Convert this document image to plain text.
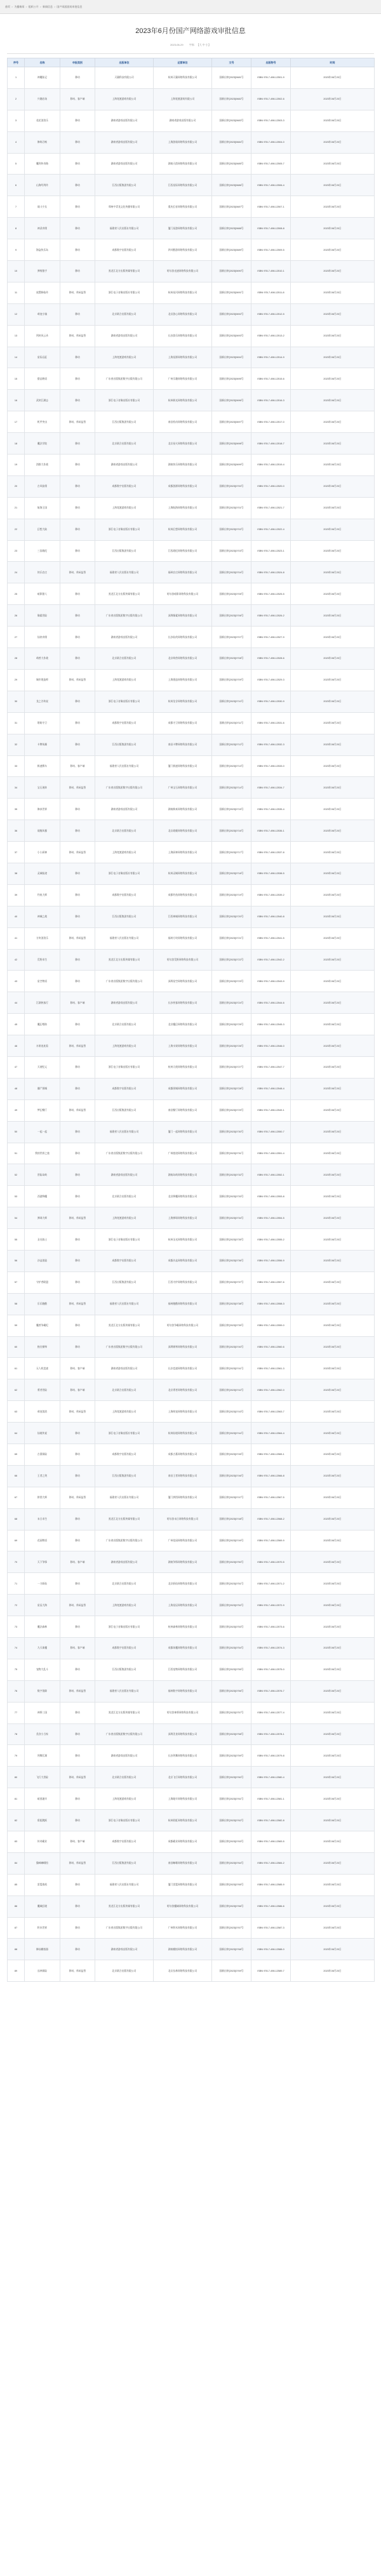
首页 > 为播新闻 > 组织公开 > 新闻信息 > 国产网游游戏审批信息
2023年6月份国产网络游戏审批信息
2023-06-29 字体：【大 中 小】
序号	名称	申报类别	出版单位	运营单位	文号	出版物号	时间
1	神魔仙记	移动	天猫科技有限公司	杭州天猫网络科技有限公司	国新出审[2023]0681号	ISBN 978-7-498-12501-9	2023年06月20日
2	兴趣农场	移动、客户端	上海宽渡游戏有限公司	上海宽渡游戏有限公司	国新出审[2023]0682号	ISBN 978-7-498-12502-6	2023年06月20日
3	花花消消乐	移动	湖南省游戏出版有限公司	湖南省游戏出版有限公司	国新出审[2023]0683号	ISBN 978-7-498-12503-3	2023年06月20日
4	修炼召唤	移动	湖南省游戏出版有限公司	上海游骑网络科技有限公司	国新出审[2023]0684号	ISBN 978-7-498-12504-0	2023年06月20日
5	魔剑传奇路	移动	湖南省游戏出版有限公司	湖南天韵网络科技有限公司	国新出审[2023]0685号	ISBN 978-7-498-12505-7	2023年06月20日
6	山海经列传	移动	江西出版集团有限公司	江西星际网络科技有限公司	国新出审[2023]0686号	ISBN 978-7-498-12506-4	2023年06月20日
7	战斗少女	移动	郑州中青龙文化传播有限公司	重庆幻音网络科技有限公司	国新出审[2023]0687号	ISBN 978-7-498-12507-1	2023年06月20日
8	神武奇缘	移动	福建省人民出版社有限公司	厦门星游网络科技有限公司	国新出审[2023]0688号	ISBN 978-7-498-12508-8	2023年06月20日
9	海盗快乐岛	移动	成都数字出版有限公司	四川酷游网络科技有限公司	国新出审[2023]0689号	ISBN 978-7-498-12509-5	2023年06月20日
10	弹射猎手	移动	黑龙江北方出版传媒有限公司	哈尔滨光速网络科技有限公司	国新出审[2023]0690号	ISBN 978-7-498-12510-1	2023年06月20日
11	放置修仙传	移动、休闲益智	浙江电子音像出版社有限公司	杭州星河网络科技有限公司	国新出审[2023]0691号	ISBN 978-7-498-12511-8	2023年06月20日
12	萌宠小镇	移动	北京联合出版有限公司	北京游心网络科技有限公司	国新出审[2023]0692号	ISBN 978-7-498-12512-5	2023年06月20日
13	剑侠风云录	移动、休闲益智	湖南省游戏出版有限公司	长沙游乐网络科技有限公司	国新出审[2023]0693号	ISBN 978-7-498-12513-2	2023年06月20日
14	星际远征	移动	上海宽渡游戏有限公司	上海星源网络科技有限公司	国新出审[2023]0694号	ISBN 978-7-498-12514-9	2023年06月20日
15	甜品物语	移动	广东省出版集团数字出版有限公司	广州乐趣网络科技有限公司	国新出审[2023]0695号	ISBN 978-7-498-12515-6	2023年06月20日
16	武侠江湖志	移动	浙江电子音像出版社有限公司	杭州极光网络科技有限公司	国新出审[2023]0696号	ISBN 978-7-498-12516-3	2023年06月20日
17	机甲突击	移动、休闲益智	江西出版集团有限公司	南昌机动网络科技有限公司	国新出审[2023]0697号	ISBN 978-7-498-12517-0	2023年06月20日
18	魔法学院	移动	北京联合出版有限公司	北京星火网络科技有限公司	国新出审[2023]0698号	ISBN 978-7-498-12518-7	2023年06月20日
19	消除大作战	移动	湖南省游戏出版有限公司	湖南快乐网络科技有限公司	国新出审[2023]0699号	ISBN 978-7-498-12519-4	2023年06月20日
20	古风仙缘	移动	成都数字出版有限公司	成都游源网络科技有限公司	国新出审[2023]0700号	ISBN 978-7-498-12520-0	2023年06月20日
21	航海王国	移动	上海宽渡游戏有限公司	上海航海网络科技有限公司	国新出审[2023]0701号	ISBN 978-7-498-12521-7	2023年06月20日
22	幻想大陆	移动	浙江电子音像出版社有限公司	杭州幻想网络科技有限公司	国新出审[2023]0702号	ISBN 978-7-498-12522-4	2023年06月20日
23	三国战纪	移动	江西出版集团有限公司	江西战纪网络科技有限公司	国新出审[2023]0703号	ISBN 978-7-498-12523-1	2023年06月20日
24	快乐农庄	移动、休闲益智	福建省人民出版社有限公司	福州农庄网络科技有限公司	国新出审[2023]0704号	ISBN 978-7-498-12524-8	2023年06月20日
25	暗影猎人	移动	黑龙江北方出版传媒有限公司	哈尔滨暗影网络科技有限公司	国新出审[2023]0705号	ISBN 978-7-498-12525-5	2023年06月20日
26	像素冒险	移动	广东省出版集团数字出版有限公司	深圳像素网络科技有限公司	国新出审[2023]0706号	ISBN 978-7-498-12526-2	2023年06月20日
27	仙侠奇缘	移动	湖南省游戏出版有限公司	长沙仙侠网络科技有限公司	国新出审[2023]0707号	ISBN 978-7-498-12527-9	2023年06月20日
28	萌兽大作战	移动	北京联合出版有限公司	北京萌兽网络科技有限公司	国新出审[2023]0708号	ISBN 978-7-498-12528-6	2023年06月20日
29	城市建造师	移动、休闲益智	上海宽渡游戏有限公司	上海建造网络科技有限公司	国新出审[2023]0709号	ISBN 978-7-498-12529-3	2023年06月20日
30	龙之谷传说	移动	浙江电子音像出版社有限公司	杭州龙谷网络科技有限公司	国新出审[2023]0710号	ISBN 978-7-498-12530-9	2023年06月20日
31	塔防守卫	移动	成都数字出版有限公司	成都守卫网络科技有限公司	国新出审[2023]0711号	ISBN 978-7-498-12531-6	2023年06月20日
32	卡牌英雄	移动	江西出版集团有限公司	南昌卡牌网络科技有限公司	国新出审[2023]0712号	ISBN 978-7-498-12532-3	2023年06月20日
33	极速赛车	移动、客户端	福建省人民出版社有限公司	厦门极速网络科技有限公司	国新出审[2023]0713号	ISBN 978-7-498-12533-0	2023年06月20日
34	宝石迷阵	移动、休闲益智	广东省出版集团数字出版有限公司	广州宝石网络科技有限公司	国新出审[2023]0714号	ISBN 978-7-498-12534-7	2023年06月20日
35	修真世界	移动	湖南省游戏出版有限公司	湖南修真网络科技有限公司	国新出审[2023]0715号	ISBN 978-7-498-12535-4	2023年06月20日
36	战舰风暴	移动	北京联合出版有限公司	北京战舰网络科技有限公司	国新出审[2023]0716号	ISBN 978-7-498-12536-1	2023年06月20日
37	小小厨神	移动、休闲益智	上海宽渡游戏有限公司	上海厨神网络科技有限公司	国新出审[2023]0717号	ISBN 978-7-498-12537-8	2023年06月20日
38	灵域仙途	移动	浙江电子音像出版社有限公司	杭州灵域网络科技有限公司	国新出审[2023]0718号	ISBN 978-7-498-12538-5	2023年06月20日
39	钓鱼大师	移动	成都数字出版有限公司	成都钓鱼网络科技有限公司	国新出审[2023]0719号	ISBN 978-7-498-12539-2	2023年06月20日
40	神域之战	移动	江西出版集团有限公司	江西神域网络科技有限公司	国新出审[2023]0720号	ISBN 978-7-498-12540-8	2023年06月20日
41	方块消消乐	移动、休闲益智	福建省人民出版社有限公司	福州方块网络科技有限公司	国新出审[2023]0721号	ISBN 978-7-498-12541-5	2023年06月20日
42	荒野求生	移动	黑龙江北方出版传媒有限公司	哈尔滨荒野网络科技有限公司	国新出审[2023]0722号	ISBN 978-7-498-12542-2	2023年06月20日
43	星空物语	移动	广东省出版集团数字出版有限公司	深圳星空网络科技有限公司	国新出审[2023]0723号	ISBN 978-7-498-12543-9	2023年06月20日
44	江湖侠客行	移动、客户端	湖南省游戏出版有限公司	长沙侠客网络科技有限公司	国新出审[2023]0724号	ISBN 978-7-498-12544-6	2023年06月20日
45	魔幻塔防	移动	北京联合出版有限公司	北京魔幻网络科技有限公司	国新出审[2023]0725号	ISBN 978-7-498-12545-3	2023年06月20日
46	水果连连看	移动、休闲益智	上海宽渡游戏有限公司	上海水果网络科技有限公司	国新出审[2023]0726号	ISBN 978-7-498-12546-0	2023年06月20日
47	天使纪元	移动	浙江电子音像出版社有限公司	杭州天使网络科技有限公司	国新出审[2023]0727号	ISBN 978-7-498-12547-7	2023年06月20日
48	僵尸围城	移动	成都数字出版有限公司	成都围城网络科技有限公司	国新出审[2023]0728号	ISBN 978-7-498-12548-4	2023年06月20日
49	梦幻餐厅	移动、休闲益智	江西出版集团有限公司	南昌餐厅网络科技有限公司	国新出审[2023]0729号	ISBN 978-7-498-12549-1	2023年06月20日
50	一起一起	移动	福建省人民出版社有限公司	厦门一起网络科技有限公司	国新出审[2023]0730号	ISBN 978-7-498-12550-7	2023年06月20日
51	我的世界之旅	移动	广东省出版集团数字出版有限公司	广州旅途网络科技有限公司	国新出审[2023]0731号	ISBN 978-7-498-12551-4	2023年06月20日
52	冒险岛屿	移动	湖南省游戏出版有限公司	湖南岛屿网络科技有限公司	国新出审[2023]0732号	ISBN 978-7-498-12552-1	2023年06月20日
53	西游降魔	移动	北京联合出版有限公司	北京降魔网络科技有限公司	国新出审[2023]0733号	ISBN 978-7-498-12553-8	2023年06月20日
54	弹球大师	移动、休闲益智	上海宽渡游戏有限公司	上海弹球网络科技有限公司	国新出审[2023]0734号	ISBN 978-7-498-12554-5	2023年06月20日
55	圣光骑士	移动	浙江电子音像出版社有限公司	杭州圣光网络科技有限公司	国新出审[2023]0735号	ISBN 978-7-498-12555-2	2023年06月20日
56	沙盒创造	移动	成都数字出版有限公司	成都沙盒网络科技有限公司	国新出审[2023]0736号	ISBN 978-7-498-12556-9	2023年06月20日
57	守护者联盟	移动	江西出版集团有限公司	江西守护网络科技有限公司	国新出审[2023]0737号	ISBN 978-7-498-12557-6	2023年06月20日
58	乐乐跑酷	移动、休闲益智	福建省人民出版社有限公司	福州跑酷网络科技有限公司	国新出审[2023]0738号	ISBN 978-7-498-12558-3	2023年06月20日
59	魔兽争霸纪	移动	黑龙江北方出版传媒有限公司	哈尔滨争霸网络科技有限公司	国新出审[2023]0739号	ISBN 978-7-498-12559-0	2023年06月20日
60	指尖钢琴	移动	广东省出版集团数字出版有限公司	深圳钢琴网络科技有限公司	国新出审[2023]0740号	ISBN 978-7-498-12560-6	2023年06月20日
61	无人机竞速	移动、客户端	湖南省游戏出版有限公司	长沙竞速网络科技有限公司	国新出审[2023]0741号	ISBN 978-7-498-12561-3	2023年06月20日
62	勇者冒险	移动、客户端	北京联合出版有限公司	北京勇者网络科技有限公司	国新出审[2023]0742号	ISBN 978-7-498-12562-0	2023年06月20日
63	萌宠消消	移动、休闲益智	上海宽渡游戏有限公司	上海萌宠网络科技有限公司	国新出审[2023]0743号	ISBN 978-7-498-12563-7	2023年06月20日
64	仙境传说	移动	浙江电子音像出版社有限公司	杭州仙境网络科技有限公司	国新出审[2023]0744号	ISBN 978-7-498-12564-4	2023年06月20日
65	古墓探险	移动	成都数字出版有限公司	成都古墓网络科技有限公司	国新出审[2023]0745号	ISBN 978-7-498-12565-1	2023年06月20日
66	王者之剑	移动	江西出版集团有限公司	南昌王者网络科技有限公司	国新出审[2023]0746号	ISBN 978-7-498-12566-8	2023年06月20日
67	拼图大师	移动、休闲益智	福建省人民出版社有限公司	厦门拼图网络科技有限公司	国新出审[2023]0747号	ISBN 978-7-498-12567-5	2023年06月20日
68	末日求生	移动	黑龙江北方出版传媒有限公司	哈尔滨末日网络科技有限公司	国新出审[2023]0748号	ISBN 978-7-498-12568-2	2023年06月20日
69	花园物语	移动	广东省出版集团数字出版有限公司	广州花园网络科技有限公司	国新出审[2023]0749号	ISBN 978-7-498-12569-9	2023年06月20日
70	天下争锋	移动、客户端	湖南省游戏出版有限公司	湖南争锋网络科技有限公司	国新出审[2023]0750号	ISBN 978-7-498-12570-5	2023年06月20日
71	一刀斩仙	移动	北京联合出版有限公司	北京斩仙网络科技有限公司	国新出审[2023]0751号	ISBN 978-7-498-12571-2	2023年06月20日
72	星辰大海	移动、休闲益智	上海宽渡游戏有限公司	上海星辰网络科技有限公司	国新出审[2023]0752号	ISBN 978-7-498-12572-9	2023年06月20日
73	魔法森林	移动	浙江电子音像出版社有限公司	杭州森林网络科技有限公司	国新出审[2023]0753号	ISBN 978-7-498-12573-6	2023年06月20日
74	九天诛魔	移动、客户端	成都数字出版有限公司	成都诛魔网络科技有限公司	国新出审[2023]0754号	ISBN 978-7-498-12574-3	2023年06月20日
75	宠物大乱斗	移动	江西出版集团有限公司	江西宠物网络科技有限公司	国新出审[2023]0755号	ISBN 978-7-498-12575-0	2023年06月20日
76	数字消除	移动、休闲益智	福建省人民出版社有限公司	福州数字网络科技有限公司	国新出审[2023]0756号	ISBN 978-7-498-12576-7	2023年06月20日
77	神将三国	移动	黑龙江北方出版传媒有限公司	哈尔滨神将网络科技有限公司	国新出审[2023]0757号	ISBN 978-7-498-12577-4	2023年06月20日
78	美食小当家	移动	广东省出版集团数字出版有限公司	深圳美食网络科技有限公司	国新出审[2023]0758号	ISBN 978-7-498-12578-1	2023年06月20日
79	剑舞江湖	移动	湖南省游戏出版有限公司	长沙剑舞网络科技有限公司	国新出审[2023]0759号	ISBN 978-7-498-12579-8	2023年06月20日
80	飞行大冒险	移动、休闲益智	北京联合出版有限公司	北京飞行网络科技有限公司	国新出审[2023]0760号	ISBN 978-7-498-12580-4	2023年06月20日
81	暗黑地牢	移动	上海宽渡游戏有限公司	上海地牢网络科技有限公司	国新出审[2023]0761号	ISBN 978-7-498-12581-1	2023年06月20日
82	彩虹跳跃	移动	浙江电子音像出版社有限公司	杭州彩虹网络科技有限公司	国新出审[2023]0762号	ISBN 978-7-498-12582-8	2023年06月20日
83	传奇霸业	移动、客户端	成都数字出版有限公司	成都霸业网络科技有限公司	国新出审[2023]0763号	ISBN 978-7-498-12583-5	2023年06月20日
84	猫咪咖啡馆	移动、休闲益智	江西出版集团有限公司	南昌咖啡网络科技有限公司	国新出审[2023]0764号	ISBN 978-7-498-12584-2	2023年06月20日
85	雷霆战机	移动	福建省人民出版社有限公司	厦门雷霆网络科技有限公司	国新出审[2023]0765号	ISBN 978-7-498-12585-9	2023年06月20日
86	魔域幻境	移动	黑龙江北方出版传媒有限公司	哈尔滨魔域网络科技有限公司	国新出审[2023]0766号	ISBN 978-7-498-12586-6	2023年06月20日
87	积木世界	移动	广东省出版集团数字出版有限公司	广州积木网络科技有限公司	国新出审[2023]0767号	ISBN 978-7-498-12587-3	2023年06月20日
88	修仙模拟器	移动	湖南省游戏出版有限公司	湖南模拟网络科技有限公司	国新出审[2023]0768号	ISBN 978-7-498-12588-0	2023年06月20日
89	丛林探险	移动、休闲益智	北京联合出版有限公司	北京丛林网络科技有限公司	国新出审[2023]0769号	ISBN 978-7-498-12589-7	2023年06月20日
